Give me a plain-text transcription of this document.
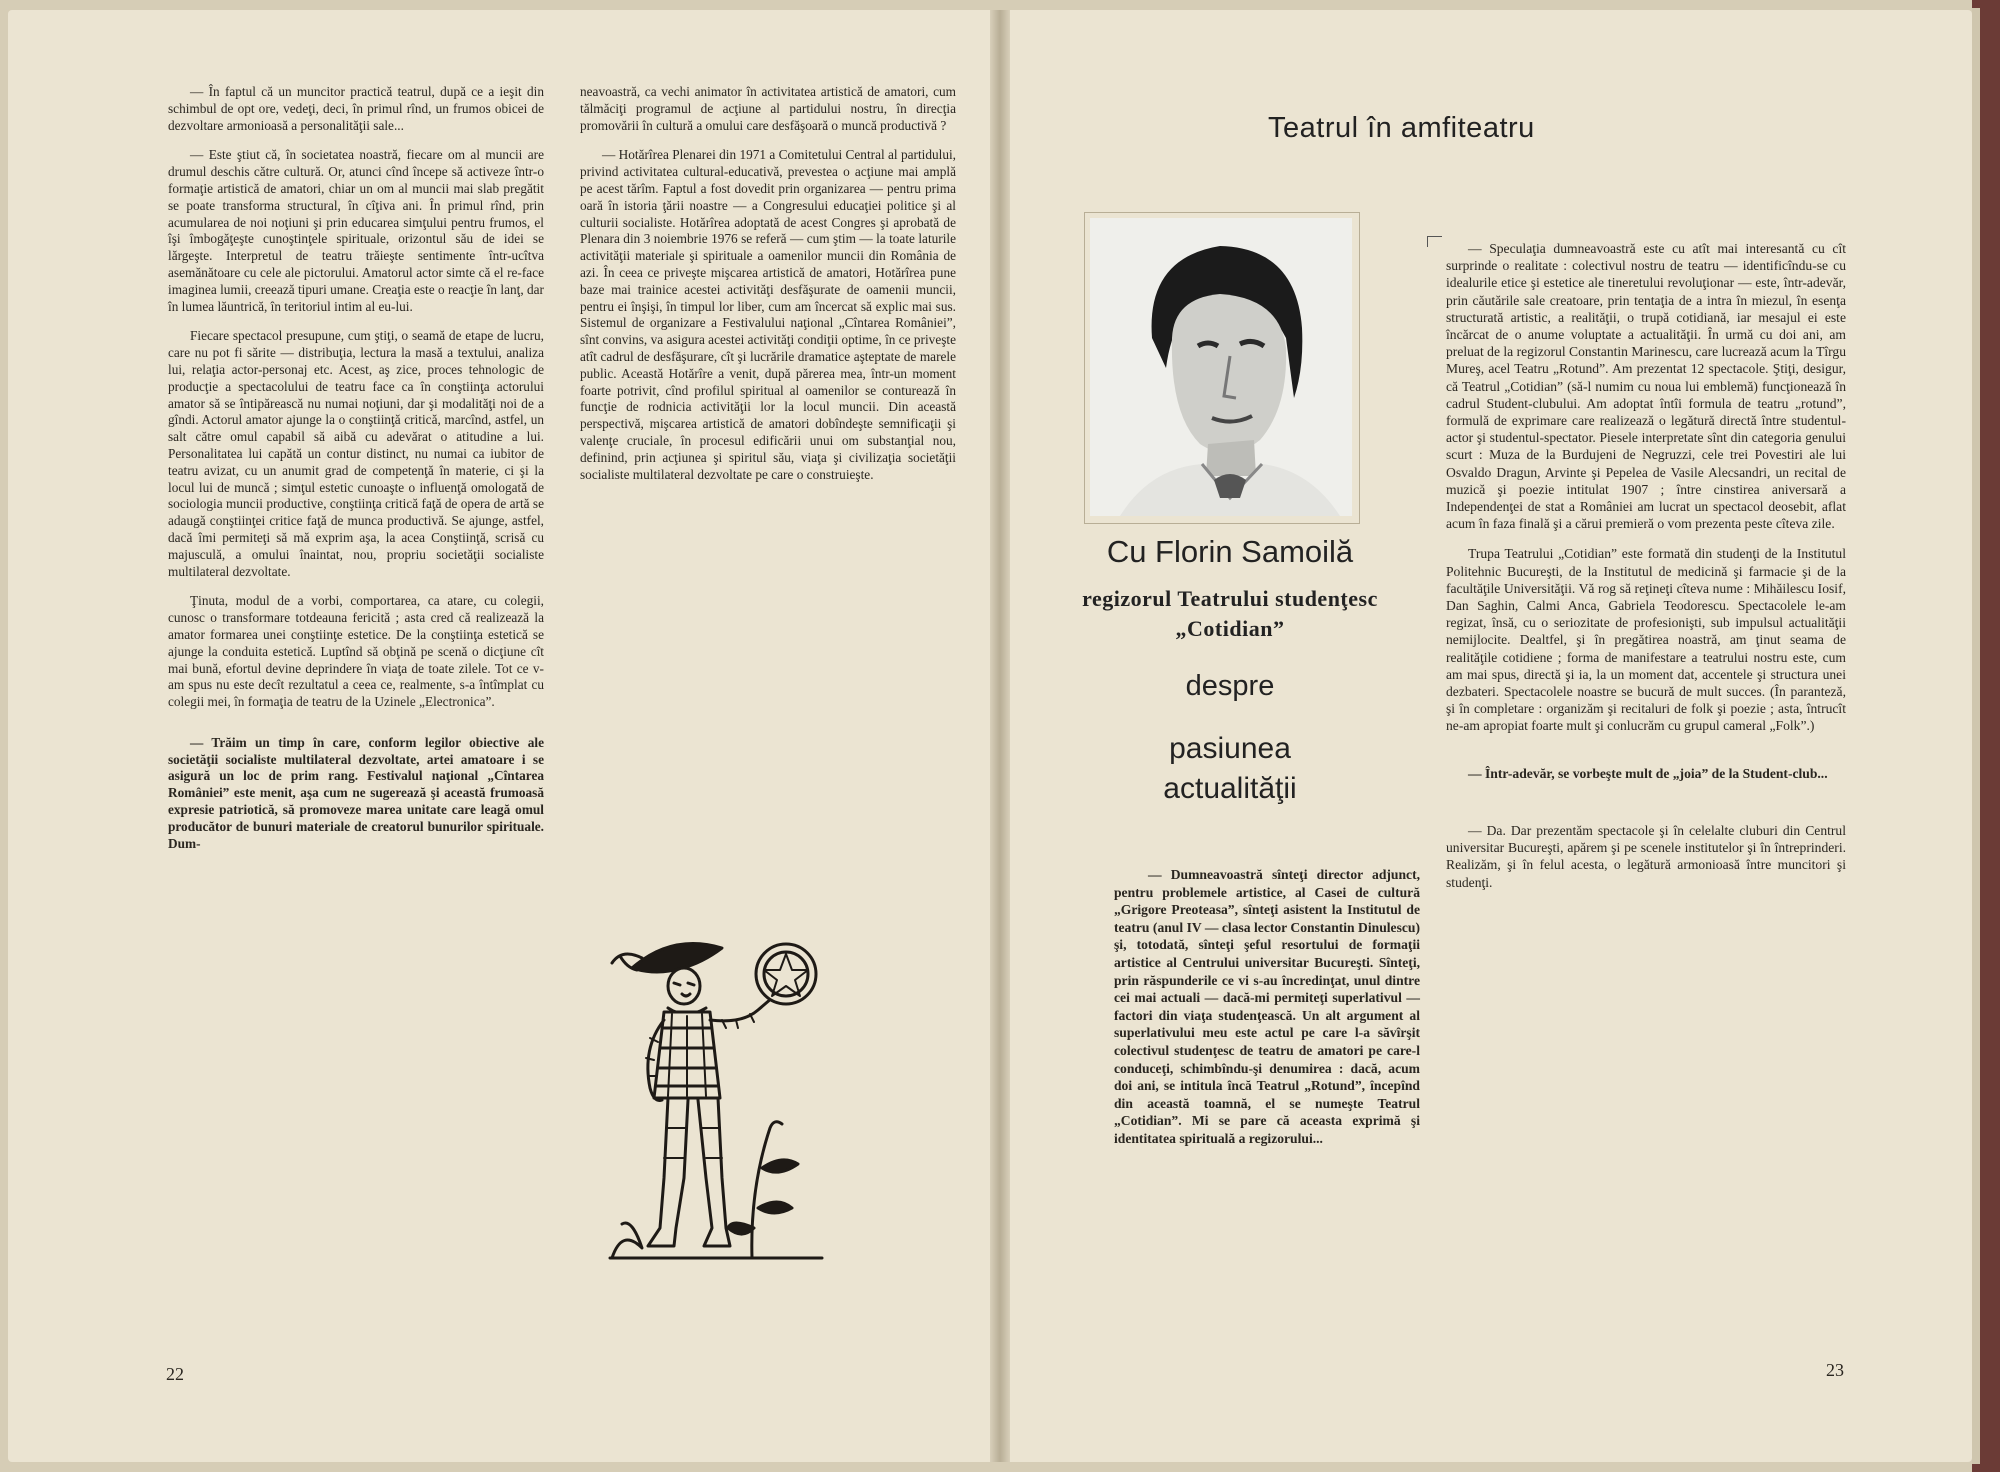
— În faptul că un muncitor practică teatrul, după ce a ieşit din schimbul de opt ore, vedeţi, deci, în primul rînd, un frumos obicei de dezvoltare armonioasă a personalităţii sale...

— Este ştiut că, în societatea noastră, fiecare om al muncii are drumul deschis către cultură. Or, atunci cînd începe să activeze într-o formaţie artistică de amatori, chiar un om al muncii mai slab pregătit se poate transforma structural, în cîţiva ani. În primul rînd, prin acumularea de noi noţiuni şi prin educarea simţului pentru frumos, el îşi îmbogăţeşte cunoştinţele spirituale, orizontul său de idei se lărgeşte. Interpretul de teatru trăieşte sentimente într-ucîtva asemănătoare cu cele ale pictorului. Amatorul actor simte că el re-face imaginea lumii, creează tipuri umane. Creaţia este o reacţie în lanţ, dar în lumea lăuntrică, în teritoriul intim al eu-lui.

Fiecare spectacol presupune, cum ştiţi, o seamă de etape de lucru, care nu pot fi sărite — distribuţia, lectura la masă a textului, analiza lui, relaţia actor-personaj etc. Acest, aş zice, proces tehnologic de producţie a spectacolului de teatru face ca în conştiinţa actorului amator să se întipărească nu numai noţiuni, dar şi modalităţi noi de a gîndi. Actorul amator ajunge la o conştiinţă critică, marcînd, astfel, un salt către omul capabil să aibă cu adevărat o atitudine a lui. Personalitatea lui capătă un contur distinct, nu numai ca iubitor de teatru avizat, cu un anumit grad de competenţă în materie, ci şi la locul lui de muncă ; simţul estetic cunoaşte o influenţă omologată de sociologia muncii productive, conştiinţa critică faţă de opera de artă se adaugă conştiinţei critice faţă de munca productivă. Se ajunge, astfel, dacă îmi permiteţi să mă exprim aşa, la acea Conştiinţă, scrisă cu majusculă, a omului înaintat, nou, propriu societăţii socialiste multilateral dezvoltate.

Ţinuta, modul de a vorbi, comportarea, ca atare, cu colegii, cunosc o transformare totdeauna fericită ; asta cred că realizează la amator formarea unei conştiinţe estetice. De la conştiinţa estetică se ajunge la conduita estetică. Luptînd să obţină pe scenă o dicţiune cît mai bună, efortul devine deprindere în viaţa de toate zilele. Tot ce v-am spus nu este decît rezultatul a ceea ce, realmente, s-a întîmplat cu colegii mei, în formaţia de teatru de la Uzinele „Electronica”.

— Trăim un timp în care, conform legilor obiective ale societăţii socialiste multilateral dezvoltate, artei amatoare i se asigură un loc de prim rang. Festivalul naţional „Cîntarea României” este menit, aşa cum ne sugerează şi această frumoasă expresie patriotică, să promoveze marea unitate care leagă omul producător de bunuri materiale de creatorul bunurilor spirituale. Dum-

neavoastră, ca vechi animator în activitatea artistică de amatori, cum tălmăciţi programul de acţiune al partidului nostru, în direcţia promovării în cultură a omului care desfăşoară o muncă productivă ?

— Hotărîrea Plenarei din 1971 a Comitetului Central al partidului, privind activitatea cultural-educativă, prevestea o acţiune mai amplă pe acest tărîm. Faptul a fost dovedit prin organizarea — pentru prima oară în istoria ţării noastre — a Congresului educaţiei politice şi al culturii socialiste. Hotărîrea adoptată de acest Congres şi aprobată de Plenara din 3 noiembrie 1976 se referă — cum ştim — la toate laturile activităţii materiale şi spirituale a oamenilor muncii din România de azi. În ceea ce priveşte mişcarea artistică de amatori, Hotărîrea pune baze mai trainice acestei activităţi desfăşurate de oamenii muncii, pentru ei înşişi, în timpul lor liber, cum am încercat să explic mai sus. Sistemul de organizare a Festivalului naţional „Cîntarea României”, sînt convins, va asigura acestei activităţi condiţii optime, în ce priveşte atît cadrul de desfăşurare, cît şi lucrările dramatice aşteptate de marele public. Această Hotărîre a venit, după părerea mea, într-un moment foarte potrivit, cînd profilul spiritual al oamenilor se conturează în funcţie de rodnicia activităţii lor la locul muncii. Din această perspectivă, mişcarea artistică de amatori dobîndeşte semnificaţii şi valenţe cruciale, în procesul edificării unui om substanţial nou, definind, prin acţiunea şi spiritul său, viaţa şi civilizaţia societăţii socialiste multilateral dezvoltate pe care o construieşte.

22
Teatrul în amfiteatru
Cu Florin Samoilă
regizorul Teatrului studenţesc
„Cotidian”
despre
pasiunea
actualităţii

— Dumneavoastră sînteţi director adjunct, pentru problemele artistice, al Casei de cultură „Grigore Preoteasa”, sînteţi asistent la Institutul de teatru (anul IV — clasa lector Constantin Dinulescu) şi, totodată, sînteţi şeful resortului de formaţii artistice al Centrului universitar Bucureşti. Sînteţi, prin răspunderile ce vi s-au încredinţat, unul dintre cei mai actuali — dacă-mi permiteţi superlativul — factori din viaţa studenţească. Un alt argument al superlativului meu este actul pe care l-a săvîrşit colectivul studenţesc de teatru de amatori pe care-l conduceţi, schimbîndu-şi denumirea : dacă, acum doi ani, se intitula încă Teatrul „Rotund”, începînd din această toamnă, el se numeşte Teatrul „Cotidian”. Mi se pare că aceasta exprimă şi identitatea spirituală a regizorului...

— Speculaţia dumneavoastră este cu atît mai interesantă cu cît surprinde o realitate : colectivul nostru de teatru — identificîndu-se cu idealurile etice şi estetice ale tineretului revoluţionar — este, într-adevăr, prin căutările sale creatoare, prin tentaţia de a intra în miezul, în esenţa structurată artistic, a realităţii, o trupă cotidiană, iar mesajul ei este încărcat de o anume voluptate a actualităţii. În urmă cu doi ani, am preluat de la regizorul Constantin Marinescu, care lucrează acum la Tîrgu Mureş, acel Teatru „Rotund”. Am prezentat 12 spectacole. Ştiţi, desigur, că Teatrul „Cotidian” (să-l numim cu noua lui emblemă) funcţionează în cadrul Student-clubului. Am adoptat întîi formula de teatru „rotund”, formulă de exprimare care realizează o legătură directă între studentul-actor şi studentul-spectator. Piesele interpretate sînt din categoria genului scurt : Muza de la Burdujeni de Negruzzi, cele trei Povestiri ale lui Osvaldo Dragun, Arvinte şi Pepelea de Vasile Alecsandri, un recital de muzică şi poezie intitulat 1907 ; între cinstirea aniversară a Independenţei de stat a României am lucrat un spectacol deosebit, aflat acum în faza finală şi a cărui premieră o vom prezenta peste cîteva zile.

Trupa Teatrului „Cotidian” este formată din studenţi de la Institutul Politehnic Bucureşti, de la Institutul de medicină şi farmacie şi de la facultăţile Universităţii. Vă rog să reţineţi cîteva nume : Mihăilescu Iosif, Dan Saghin, Calmi Anca, Gabriela Teodorescu. Spectacolele le-am regizat, însă, cu o seriozitate de profesionişti, sub impulsul actualităţii nemijlocite. Dealtfel, şi în pregătirea noastră, am ţinut seama de realităţile cotidiene ; forma de manifestare a teatrului nostru este, cum am mai spus, directă şi ia, la un moment dat, accentele şi structura unei dezbateri. Spectacolele noastre se bucură de mult succes. (În paranteză, şi în completare : organizăm şi recitaluri de folk şi poezie ; asta, întrucît ne-am apropiat foarte mult şi conlucrăm cu grupul cameral „Folk”.)

— Într-adevăr, se vorbeşte mult de „joia” de la Student-club...

— Da. Dar prezentăm spectacole şi în celelalte cluburi din Centrul universitar Bucureşti, apărem şi pe scenele institutelor şi în întreprinderi. Realizăm, şi în felul acesta, o legătură armonioasă între muncitori şi studenţi.

23
